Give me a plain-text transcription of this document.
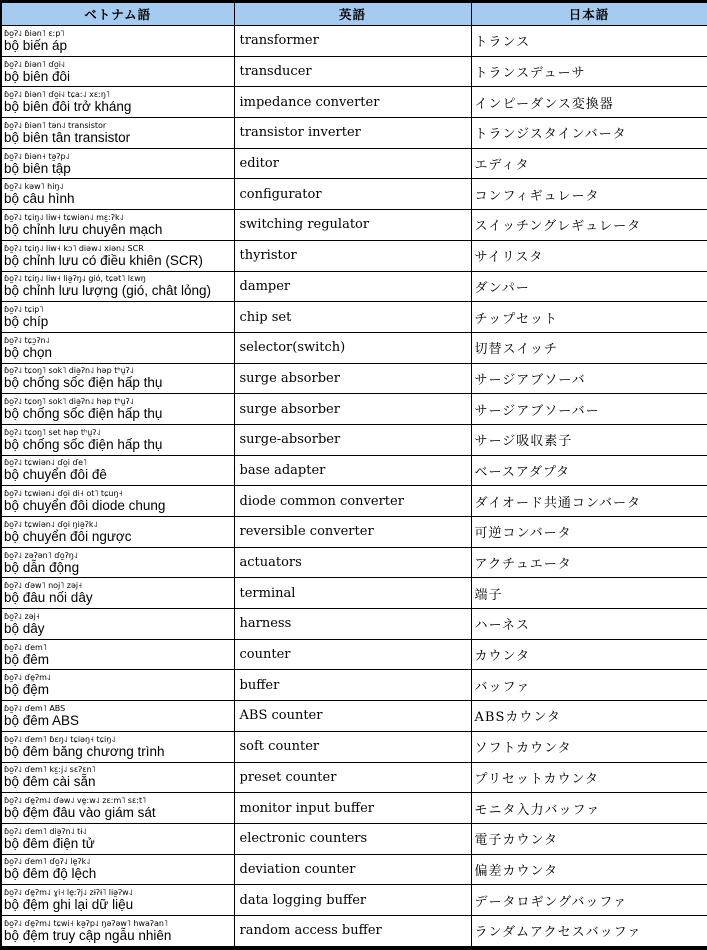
ベトナム語	英語	日本語

ɓo̰ʔ˨˩ ɓiən˥ ɛːp˥
bộ biến áp	transformer	トランス

ɓo̰ʔ˨˩ ɓiən˥ ɗo̰i˧˩
bộ biên đôi	transducer	トランスデューサ

ɓo̰ʔ˨˩ ɓiən˥ ɗo̰i˧˩ tɕaː˨˩ xɛːŋ˥
bộ biên đôi trở kháng	impedance converter	インピーダンス変換器

ɓo̰ʔ˨˩ ɓiən˥ tən˨˩ transistor
bộ biên tân transistor	transistor inverter	トランジスタインバータ

ɓo̰ʔ˨˩ ɓiən˧ tə̰ʔp˨˩
bộ biên tập	editor	エディタ

ɓo̰ʔ˨˩ kəw˥ hiŋ˨˩
bộ câu hình	configurator	コンフィギュレータ

ɓo̰ʔ˨˩ tɕiŋ˨˩ liw˧ tɕwiən˨˩ mɛ̰ːʔk˨˩
bộ chỉnh lưu chuyên mạch	switching regulator	スイッチングレギュレータ

ɓo̰ʔ˨˩ tɕiŋ˨˩ liw˧ kɔ˥ diəw˨˩ xiən˨˩ SCR
bộ chỉnh lưu có điều khiên (SCR)	thyristor	サイリスタ

ɓo̰ʔ˨˩ tɕiŋ˨˩ liw˧ liə̰ʔŋ˨˩ gió, tɕət˥ lɛwŋ
bộ chỉnh lưu lượng (gió, chât lỏng)	damper	ダンパー

ɓo̰ʔ˨˩ tɕip˥
bộ chíp	chip set	チップセット

ɓo̰ʔ˨˩ tɕɔ̰ʔn˨˩
bộ chọn	selector(switch)	切替スイッチ

ɓo̰ʔ˨˩ tɕoŋ˥ sok˥ diə̰ʔn˨˩ həp tʰṵʔ˨˩
bộ chống sốc điện hấp thụ	surge absorber	サージアブソーバ

ɓo̰ʔ˨˩ tɕoŋ˥ sok˥ diə̰ʔn˨˩ həp tʰṵʔ˨˩
bộ chống sốc điện hấp thụ	surge absorber	サージアブソーバー

ɓo̰ʔ˨˩ tɕoŋ˥ set həp tʰṵʔ˨˩
bộ chống sốc điện hấp thụ	surge-absorber	サージ吸収素子

ɓo̰ʔ˨˩ tɕwiən˨˩ ɗo̰i ɗe˥
bộ chuyển đôi đê	base adapter	ベースアダプタ

ɓo̰ʔ˨˩ tɕwiən˨˩ ɗo̰i di˧ ot˥ tɕuŋ˧
bộ chuyển đôi diode chung	diode common converter	ダイオード共通コンバータ

ɓo̰ʔ˨˩ tɕwiən˨˩ ɗo̰i ŋiə̰ʔk˨˩
bộ chuyển đôi ngược	reversible converter	可逆コンバータ

ɓo̰ʔ˨˩ zəʔən˥ ɗo̰ʔŋ˨˩
bộ dẫn động	actuators	アクチュエータ

ɓo̰ʔ˨˩ ɗəw˥ noj˥ zəj˧
bộ đâu nối dây	terminal	端子

ɓo̰ʔ˨˩ zəj˧
bộ dây	harness	ハーネス

ɓo̰ʔ˨˩ ɗem˥
bộ đêm	counter	カウンタ

ɓo̰ʔ˨˩ ɗḛʔm˨˩
bộ đệm	buffer	バッファ

ɓo̰ʔ˨˩ ɗem˥ ABS
bộ đêm ABS	ABS counter	ABSカウンタ

ɓo̰ʔ˨˩ ɗem˥ ɓɛŋ˨˩ tɕiəŋ˧ tɕiŋ˨˩
bộ đêm băng chương trình	soft counter	ソフトカウンタ

ɓo̰ʔ˨˩ ɗem˥ kɛ̰ːj˨˩ sɛʔɛn˥
bộ đêm cài sẵn	preset counter	プリセットカウンタ

ɓo̰ʔ˨˩ ɗḛʔm˨˩ ɗəw˨˩ vḛːw˨˩ zɛːm˥ sɛːt˥
bộ đệm đâu vào giám sát	monitor input buffer	モニタ入力バッファ

ɓo̰ʔ˨˩ ɗem˥ diə̰ʔn˨˩ tɨ˨˩
bộ đêm điện tử	electronic counters	電子カウンタ

ɓo̰ʔ˨˩ ɗem˥ ɗo̰ʔ˨˩ lḛʔk˨˩
bộ đêm độ lệch	deviation counter	偏差カウンタ

ɓo̰ʔ˨˩ ɗḛʔm˨˩ ɣi˧ lḛːʔj˨˩ zɨʔɨ˥ liə̰ʔw˨˩
bộ đệm ghi lại dữ liệu	data logging buffer	データロギングバッファ

ɓo̰ʔ˨˩ ɗḛʔm˨˩ tɕwi˧ kə̰ʔp˨˩ ŋəʔəw˥ hwaʔan˥
bộ đệm truy cập ngẫu nhiên	random access buffer	ランダムアクセスバッファ
